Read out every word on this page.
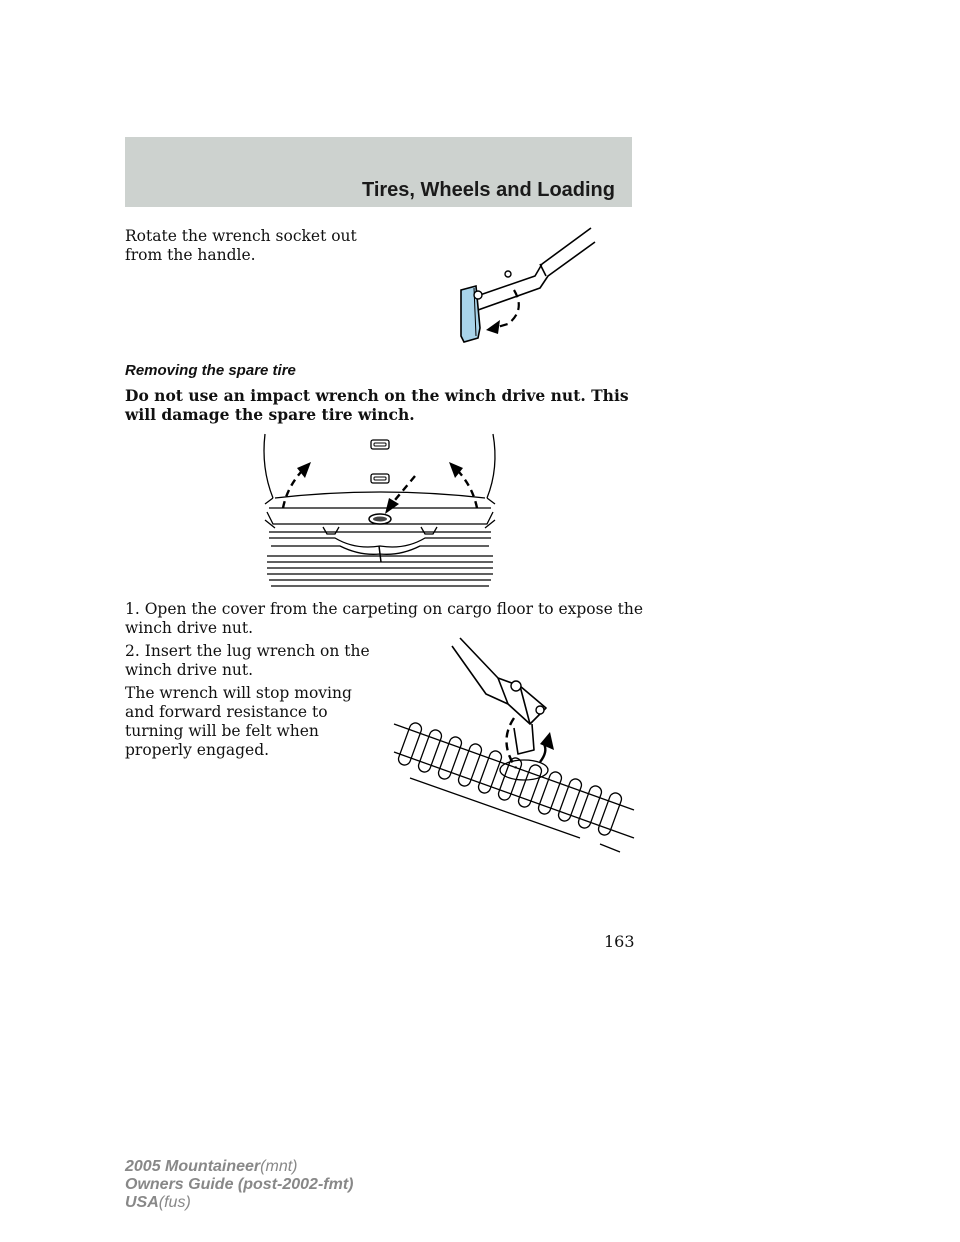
Tires, Wheels and Loading
Rotate the wrench socket out from the handle.
Removing the spare tire
Do not use an impact wrench on the winch drive nut. This will damage the spare tire winch.
1. Open the cover from the carpeting on cargo floor to expose the winch drive nut.
2. Insert the lug wrench on the winch drive nut.
The wrench will stop moving and forward resistance to turning will be felt when properly engaged.
163
2005 Mountaineer(mnt)
Owners Guide (post-2002-fmt)
USA(fus)
